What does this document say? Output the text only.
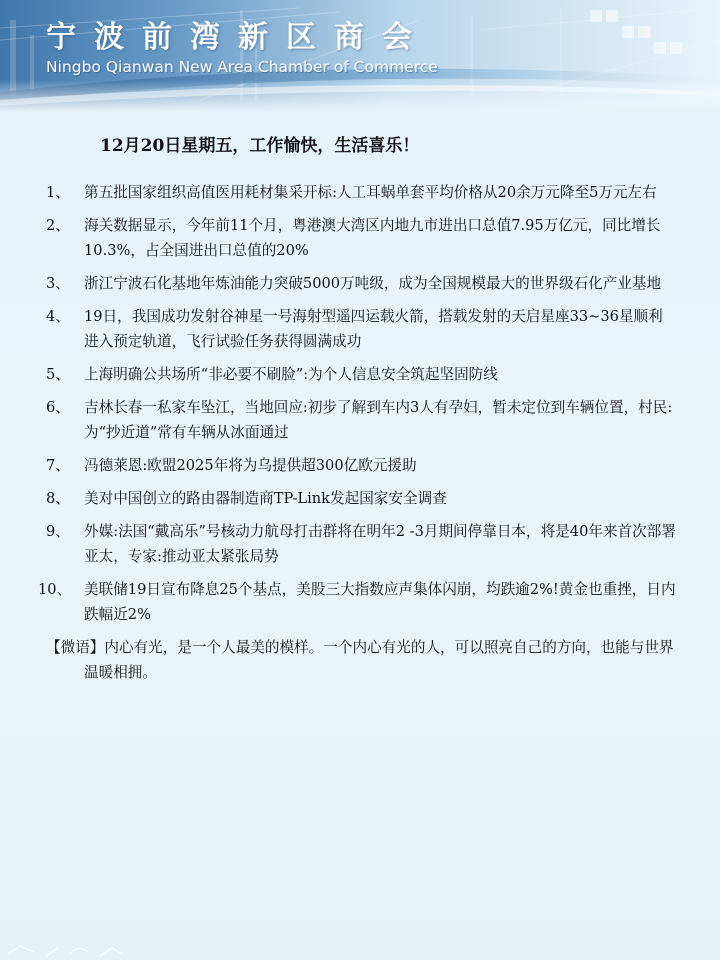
宁波前湾新区商会
Ningbo Qianwan New Area Chamber of Commerce
12月20日星期五，工作愉快，生活喜乐！
1、 第五批国家组织高值医用耗材集采开标:人工耳蜗单套平均价格从20余万元降至5万元左右
2、 海关数据显示，今年前11个月，粤港澳大湾区内地九市进出口总值7.95万亿元，同比增长10.3%，占全国进出口总值的20%
3、 浙江宁波石化基地年炼油能力突破5000万吨级，成为全国规模最大的世界级石化产业基地
4、 19日，我国成功发射谷神星一号海射型遥四运载火箭，搭载发射的天启星座33~36星顺利进入预定轨道，飞行试验任务获得圆满成功
5、 上海明确公共场所“非必要不刷脸”:为个人信息安全筑起坚固防线
6、 吉林长春一私家车坠江，当地回应:初步了解到车内3人有孕妇，暂未定位到车辆位置，村民:为“抄近道”常有车辆从冰面通过
7、 冯德莱恩:欧盟2025年将为乌提供超300亿欧元援助
8、 美对中国创立的路由器制造商TP-Link发起国家安全调查
9、 外媒:法国“戴高乐”号核动力航母打击群将在明年2 -3月期间停靠日本，将是40年来首次部署亚太，专家:推动亚太紧张局势
10、 美联储19日宣布降息25个基点，美股三大指数应声集体闪崩，均跌逾2%!黄金也重挫，日内跌幅近2%
【微语】内心有光，是一个人最美的模样。一个内心有光的人，可以照亮自己的方向，也能与世界温暖相拥。
